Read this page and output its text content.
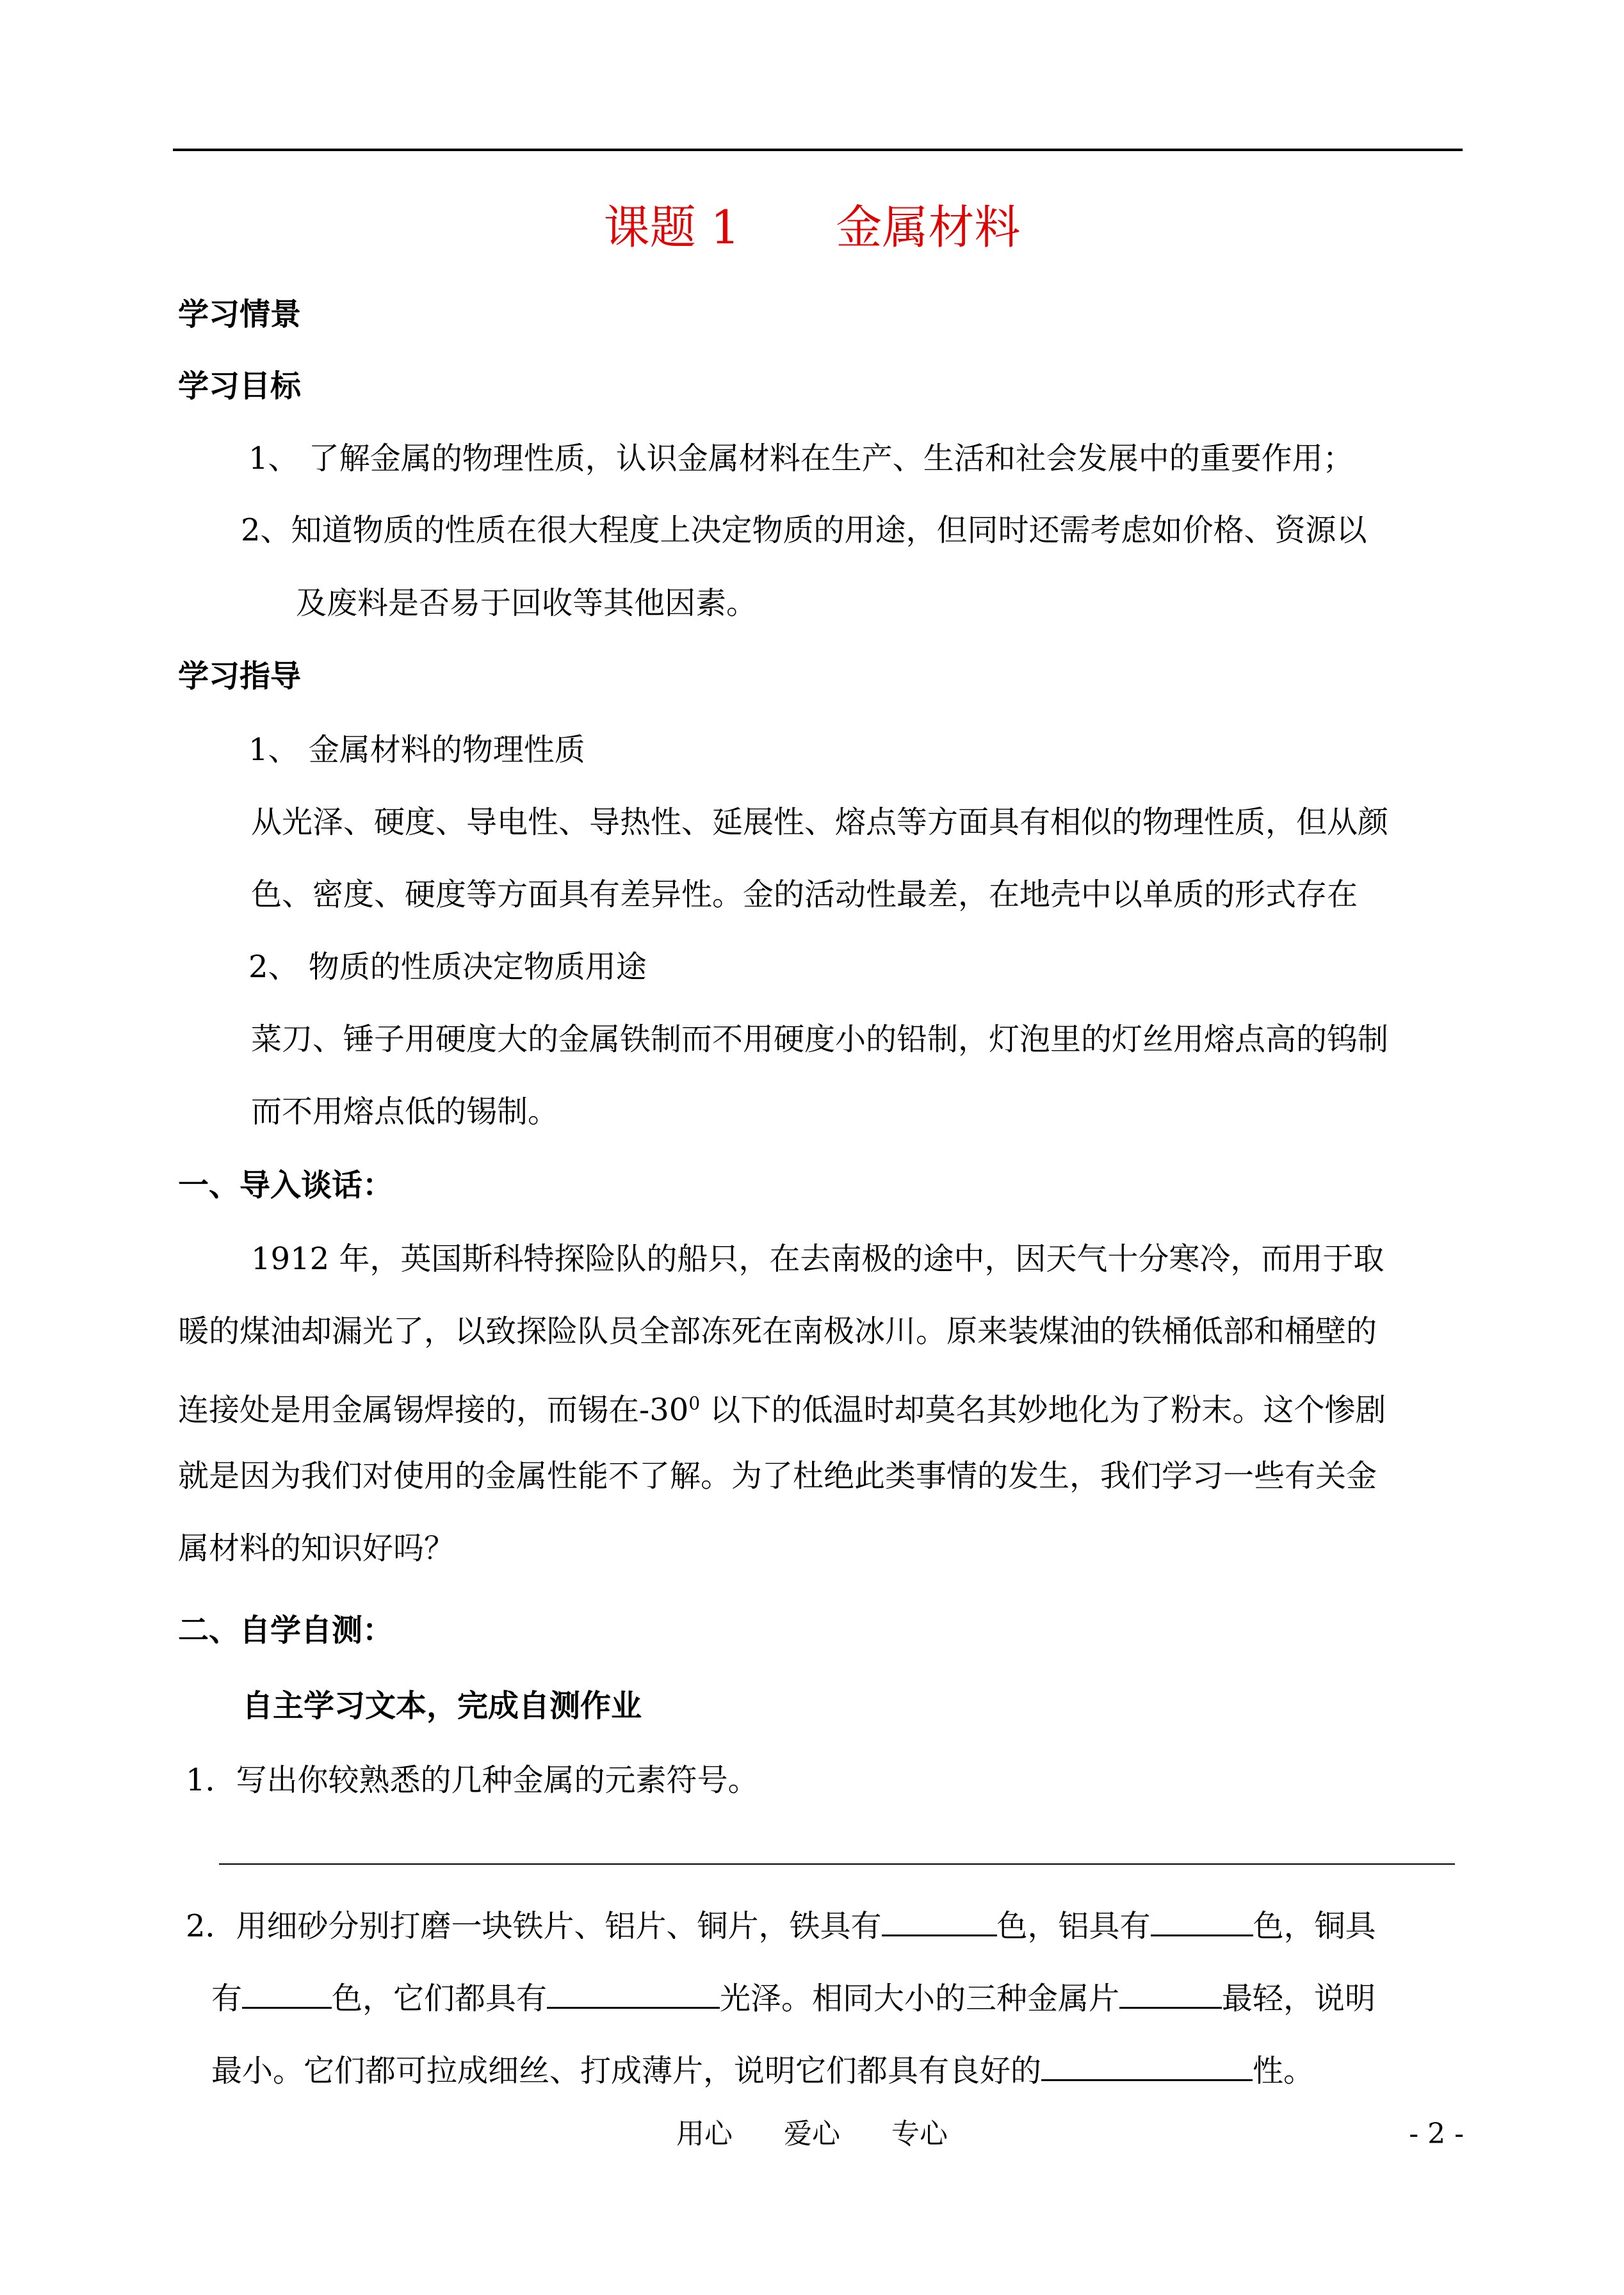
课题 1 金属材料
学习情景
学习目标
1、 了解金属的物理性质，认识金属材料在生产、生活和社会发展中的重要作用；
2、知道物质的性质在很大程度上决定物质的用途，但同时还需考虑如价格、资源以
及废料是否易于回收等其他因素。
学习指导
1、 金属材料的物理性质
从光泽、硬度、导电性、导热性、延展性、熔点等方面具有相似的物理性质，但从颜
色、密度、硬度等方面具有差异性。金的活动性最差，在地壳中以单质的形式存在
2、 物质的性质决定物质用途
菜刀、锤子用硬度大的金属铁制而不用硬度小的铅制，灯泡里的灯丝用熔点高的钨制
而不用熔点低的锡制。
一、导入谈话：
1912 年，英国斯科特探险队的船只，在去南极的途中，因天气十分寒冷，而用于取
暖的煤油却漏光了，以致探险队员全部冻死在南极冰川。原来装煤油的铁桶低部和桶壁的
连接处是用金属锡焊接的，而锡在$-30^0$ 以下的低温时却莫名其妙地化为了粉末。这个惨剧
就是因为我们对使用的金属性能不了解。为了杜绝此类事情的发生，我们学习一些有关金
属材料的知识好吗？
二、自学自测：
自主学习文本，完成自测作业
1．写出你较熟悉的几种金属的元素符号。
2．用细砂分别打磨一块铁片、铝片、铜片，铁具有	色，铝具有	色，铜具
有	色，它们都具有	光泽。相同大小的三种金属片	最轻，说明
最小。它们都可拉成细丝、打成薄片，说明它们都具有良好的	性。
用心 爱心 专心	- 2 -
